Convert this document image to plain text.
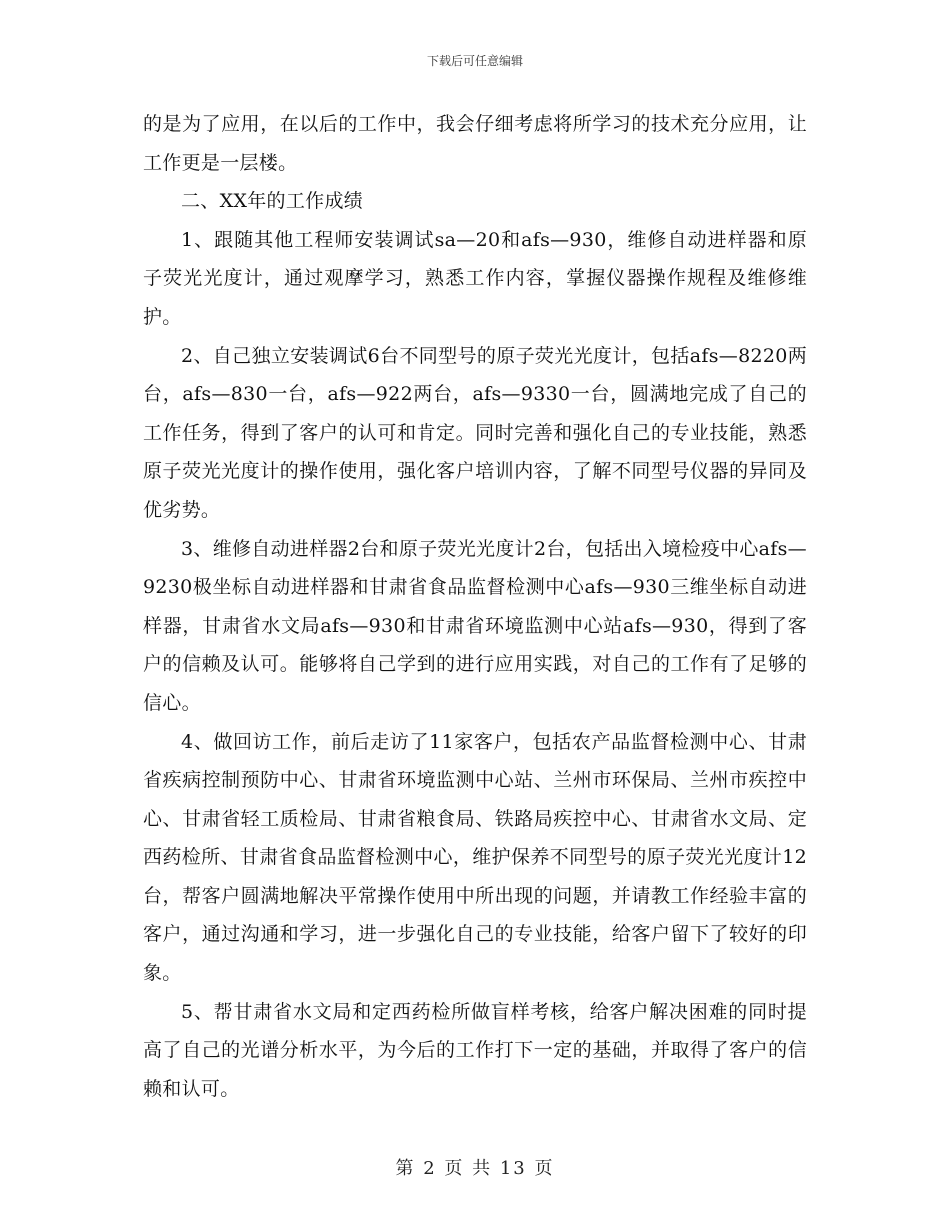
下载后可任意编辑

的是为了应用，在以后的工作中，我会仔细考虑将所学习的技术充分应用，让工作更是一层楼。

二、XX年的工作成绩

1、跟随其他工程师安装调试sa—20和afs—930，维修自动进样器和原子荧光光度计，通过观摩学习，熟悉工作内容，掌握仪器操作规程及维修维护。

2、自己独立安装调试6台不同型号的原子荧光光度计，包括afs—8220两台，afs—830一台，afs—922两台，afs—9330一台，圆满地完成了自己的工作任务，得到了客户的认可和肯定。同时完善和强化自己的专业技能，熟悉原子荧光光度计的操作使用，强化客户培训内容，了解不同型号仪器的异同及优劣势。

3、维修自动进样器2台和原子荧光光度计2台，包括出入境检疫中心afs—9230极坐标自动进样器和甘肃省食品监督检测中心afs—930三维坐标自动进样器，甘肃省水文局afs—930和甘肃省环境监测中心站afs—930，得到了客户的信赖及认可。能够将自己学到的进行应用实践，对自己的工作有了足够的信心。

4、做回访工作，前后走访了11家客户，包括农产品监督检测中心、甘肃省疾病控制预防中心、甘肃省环境监测中心站、兰州市环保局、兰州市疾控中心、甘肃省轻工质检局、甘肃省粮食局、铁路局疾控中心、甘肃省水文局、定西药检所、甘肃省食品监督检测中心，维护保养不同型号的原子荧光光度计12台，帮客户圆满地解决平常操作使用中所出现的问题，并请教工作经验丰富的客户，通过沟通和学习，进一步强化自己的专业技能，给客户留下了较好的印象。

5、帮甘肃省水文局和定西药检所做盲样考核，给客户解决困难的同时提高了自己的光谱分析水平，为今后的工作打下一定的基础，并取得了客户的信赖和认可。

第 2 页 共 13 页
